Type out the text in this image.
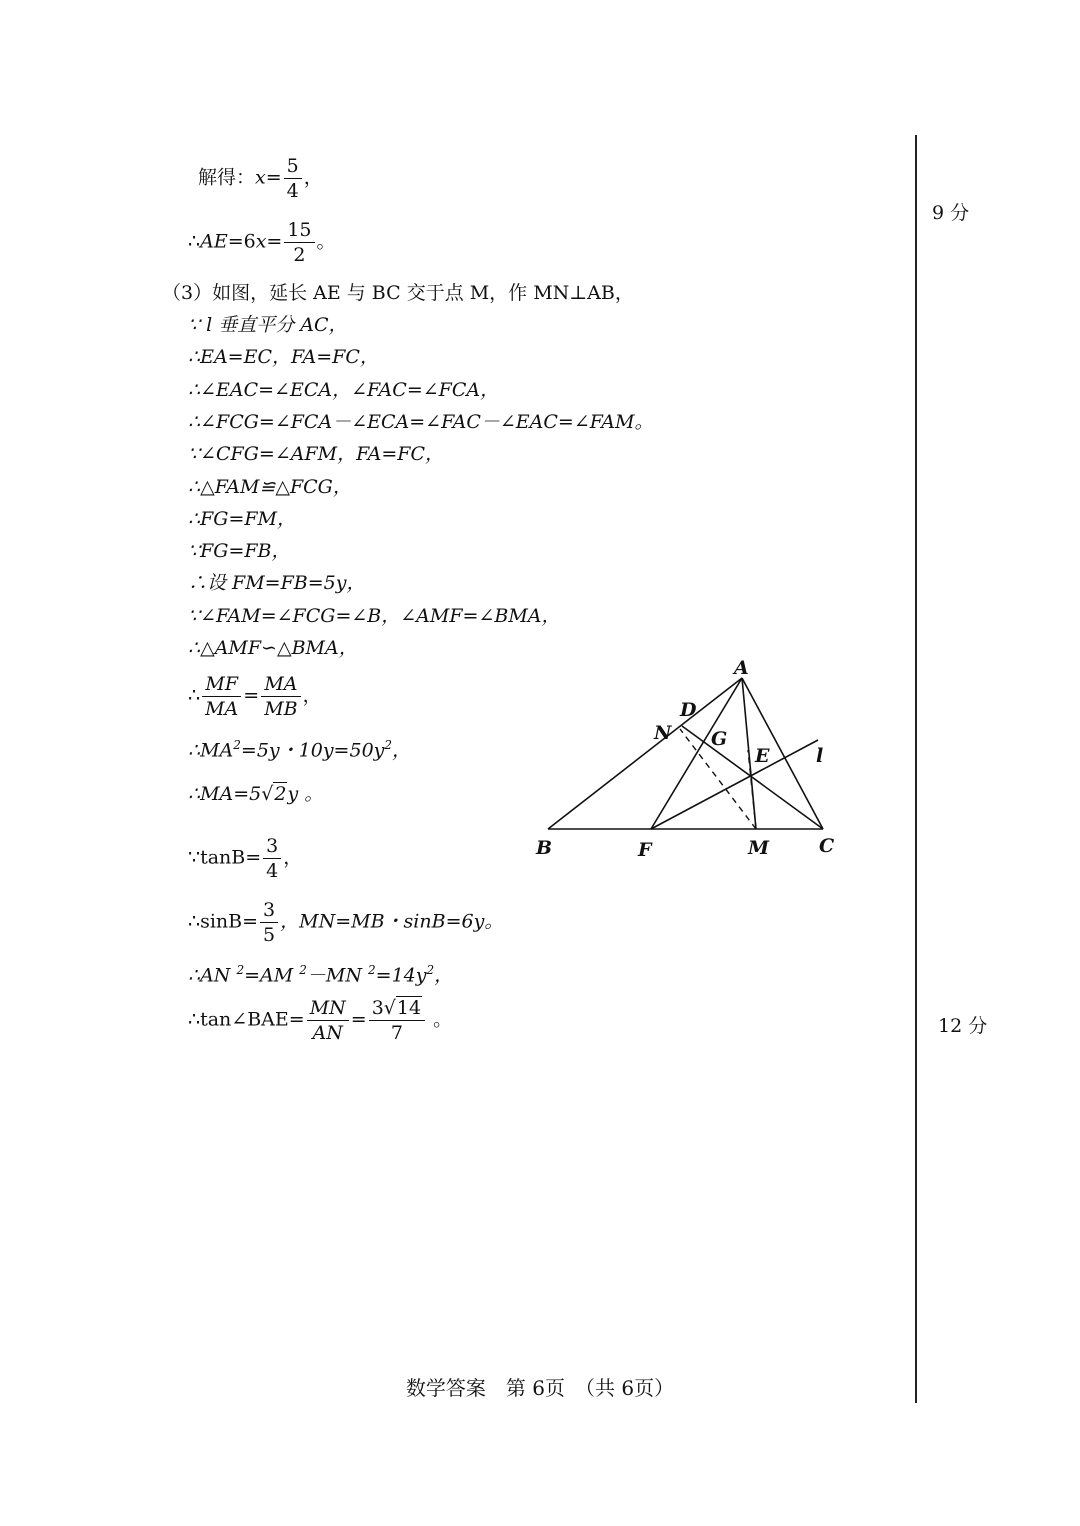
解得：$x= \frac{5}{4}$ ，
∴AE=6x= $\frac{15}{2}$ 。
（3）如图，延长 AE 与 BC 交于点 M，作 MN⊥AB，
∵ l 垂直平分 AC，
∴EA=EC，FA=FC，
∴∠EAC=∠ECA，∠FAC=∠FCA，
∴∠FCG=∠FCA－∠ECA=∠FAC－∠EAC=∠FAM。
∵∠CFG=∠AFM，FA=FC，
∴△FAM≌△FCG，
∴FG=FM，
∵FG=FB，
∴设 FM=FB=5y，
∵∠FAM=∠FCG=∠B，∠AMF=∠BMA，
∴△AMF∽△BMA，
∴ $\frac{MF}{MA} = \frac{MA}{MB}$ ，
$\therefore MA^2=5y$・$10y=50y^2$，
∴MA=5√2y 。
∵tanB= $\frac{3}{4}$ ，
∴sinB= $\frac{3}{5}$ ，MN=MB・sinB=6y。
∴AN $^2$=AM $^2$－MN $^2=14y^2$，
∴tan∠BAE= $\frac{MN}{AN} = \frac{3√14}{7}$ 。
A
B	C
D
E
F
G
M
N
l
9 分
12 分
数学答案　第 6页　（共 6页）
